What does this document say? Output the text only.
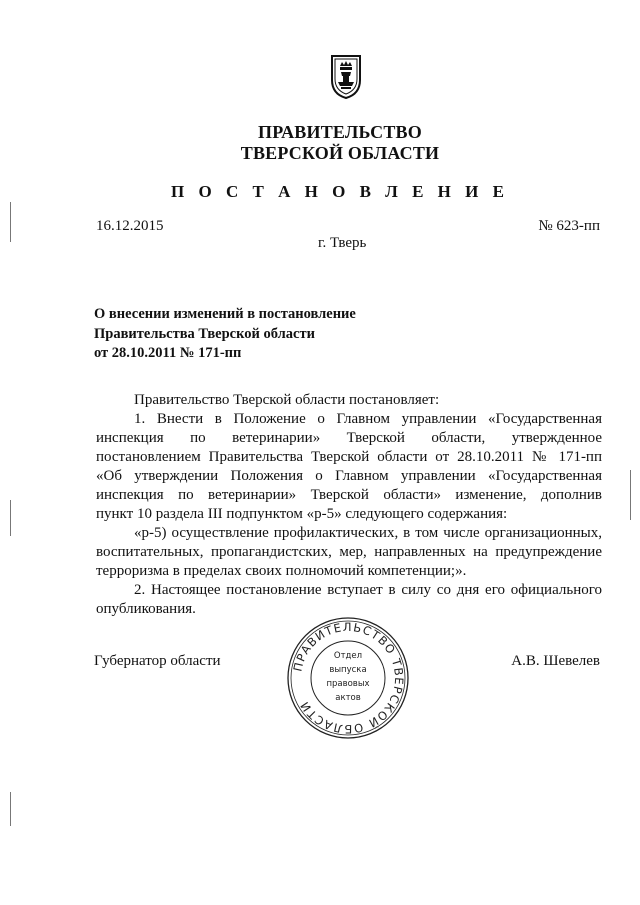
ПРАВИТЕЛЬСТВО
ТВЕРСКОЙ ОБЛАСТИ
П О С Т А Н О В Л Е Н И Е
16.12.2015	№ 623-пп
г. Тверь
О внесении изменений в постановление
Правительства Тверской области
от 28.10.2011 № 171-пп
Правительство Тверской области постановляет:
1. Внести в Положение о Главном управлении «Государственная
инспекция по ветеринарии» Тверской области, утвержденное
постановлением Правительства Тверской области от 28.10.2011 № 171-пп
«Об утверждении Положения о Главном управлении «Государственная
инспекция по ветеринарии» Тверской области» изменение, дополнив
пункт 10 раздела III подпунктом «р-5» следующего содержания:
«р-5) осуществление профилактических, в том числе организационных,
воспитательных, пропагандистских, мер, направленных на предупреждение
терроризма в пределах своих полномочий компетенции;».
2. Настоящее постановление вступает в силу со дня его официального
опубликования.
Губернатор области	А.В. Шевелев
ПРАВИТЕЛЬСТВО ТВЕРСКОЙ ОБЛАСТИ
Отдел
выпуска
правовых
актов
